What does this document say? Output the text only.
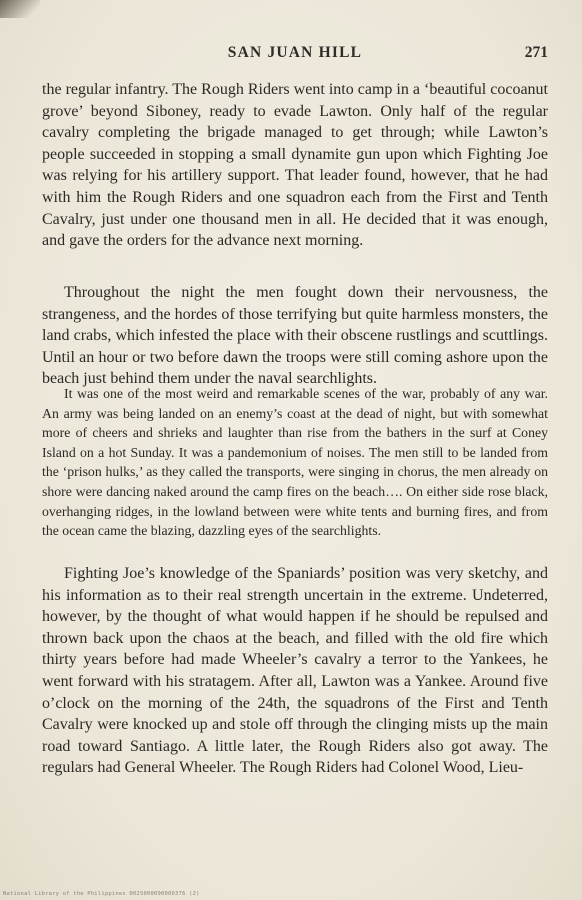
SAN JUAN HILL	271

the regular infantry. The Rough Riders went into camp in a ‘beautiful cocoanut grove’ beyond Siboney, ready to evade Lawton. Only half of the regular cavalry completing the brigade managed to get through; while Lawton’s people succeeded in stopping a small dynamite gun upon which Fighting Joe was relying for his artillery support. That leader found, however, that he had with him the Rough Riders and one squadron each from the First and Tenth Cavalry, just under one thousand men in all. He decided that it was enough, and gave the orders for the advance next morning.

Throughout the night the men fought down their nervousness, the strangeness, and the hordes of those terrifying but quite harmless monsters, the land crabs, which infested the place with their obscene rustlings and scuttlings. Until an hour or two before dawn the troops were still coming ashore upon the beach just behind them under the naval searchlights.

It was one of the most weird and remarkable scenes of the war, probably of any war. An army was being landed on an enemy’s coast at the dead of night, but with somewhat more of cheers and shrieks and laughter than rise from the bathers in the surf at Coney Island on a hot Sunday. It was a pandemonium of noises. The men still to be landed from the ‘prison hulks,’ as they called the transports, were singing in chorus, the men already on shore were dancing naked around the camp fires on the beach…. On either side rose black, overhanging ridges, in the lowland between were white tents and burning fires, and from the ocean came the blazing, dazzling eyes of the searchlights.

Fighting Joe’s knowledge of the Spaniards’ position was very sketchy, and his information as to their real strength uncertain in the extreme. Undeterred, however, by the thought of what would happen if he should be repulsed and thrown back upon the chaos at the beach, and filled with the old fire which thirty years before had made Wheeler’s cavalry a terror to the Yankees, he went forward with his stratagem. After all, Lawton was a Yankee. Around five o’clock on the morning of the 24th, the squadrons of the First and Tenth Cavalry were knocked up and stole off through the clinging mists up the main road toward Santiago. A little later, the Rough Riders also got away. The regulars had General Wheeler. The Rough Riders had Colonel Wood, Lieu-

National Library of the Philippines 0025000090000376 (2)
